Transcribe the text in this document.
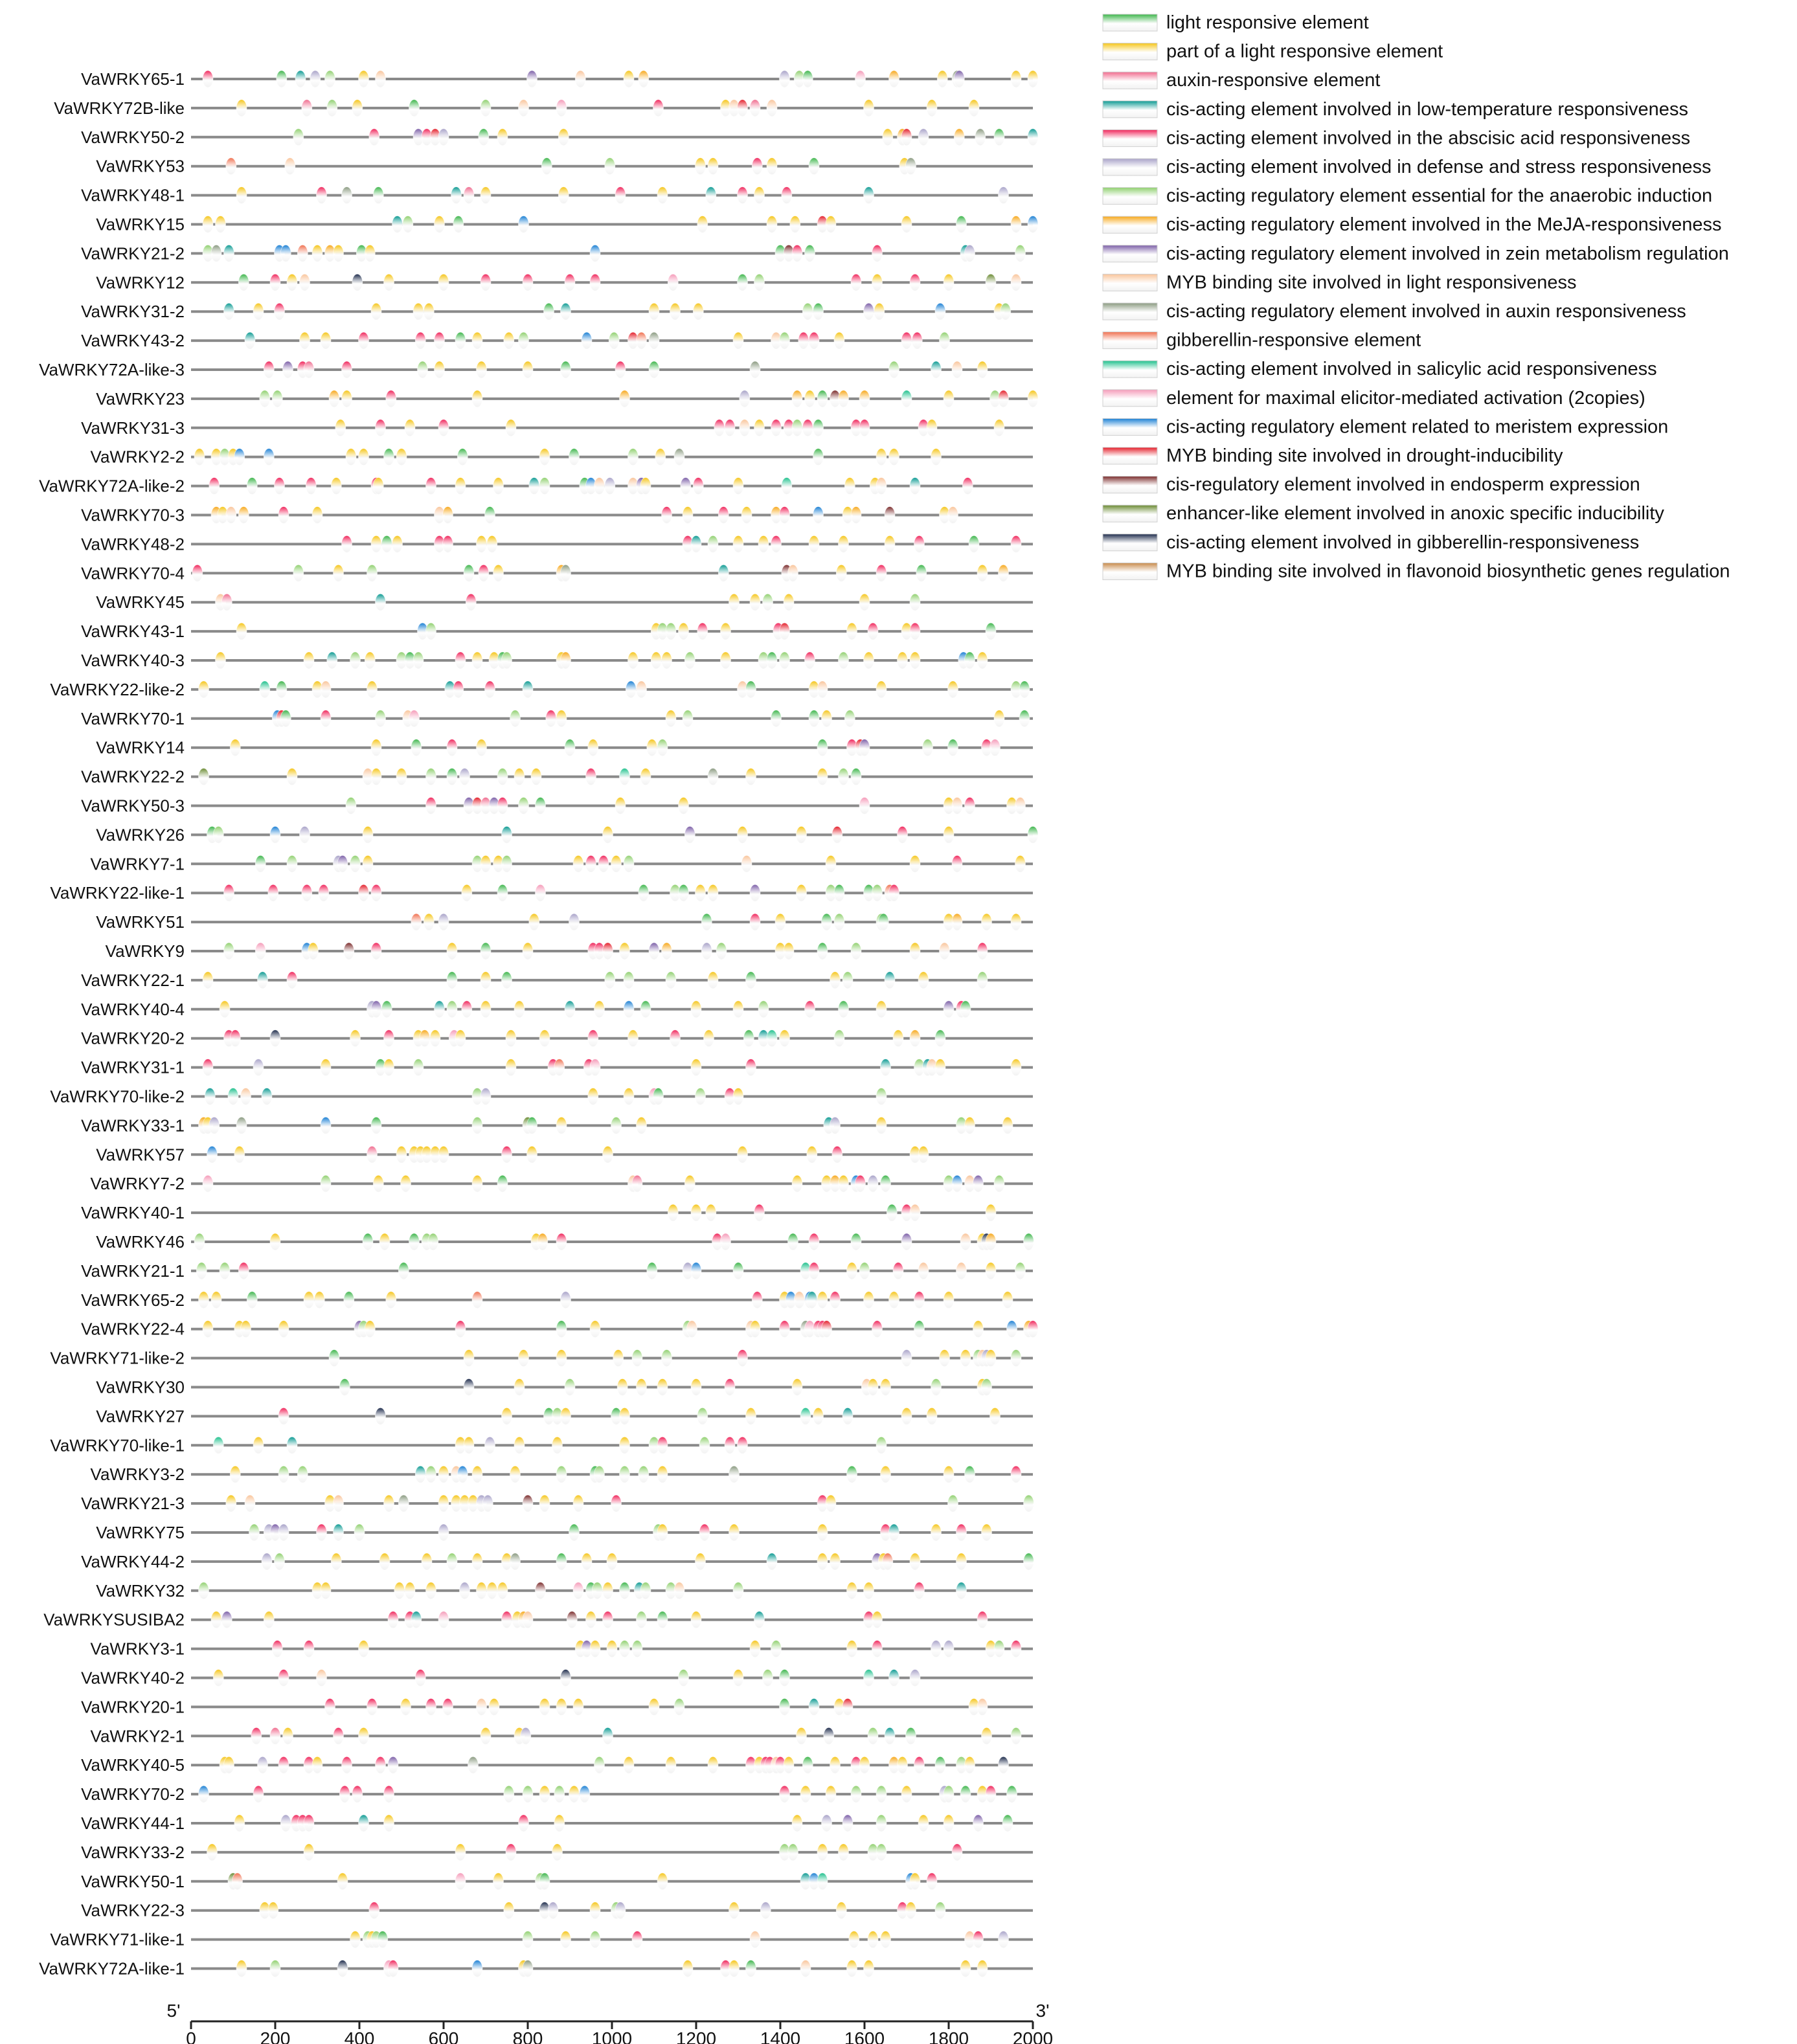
VaWRKY65-1
VaWRKY72B-like
VaWRKY50-2
VaWRKY53
VaWRKY48-1
VaWRKY15
VaWRKY21-2
VaWRKY12
VaWRKY31-2
VaWRKY43-2
VaWRKY72A-like-3
VaWRKY23
VaWRKY31-3
VaWRKY2-2
VaWRKY72A-like-2
VaWRKY70-3
VaWRKY48-2
VaWRKY70-4
VaWRKY45
VaWRKY43-1
VaWRKY40-3
VaWRKY22-like-2
VaWRKY70-1
VaWRKY14
VaWRKY22-2
VaWRKY50-3
VaWRKY26
VaWRKY7-1
VaWRKY22-like-1
VaWRKY51
VaWRKY9
VaWRKY22-1
VaWRKY40-4
VaWRKY20-2
VaWRKY31-1
VaWRKY70-like-2
VaWRKY33-1
VaWRKY57
VaWRKY7-2
VaWRKY40-1
VaWRKY46
VaWRKY21-1
VaWRKY65-2
VaWRKY22-4
VaWRKY71-like-2
VaWRKY30
VaWRKY27
VaWRKY70-like-1
VaWRKY3-2
VaWRKY21-3
VaWRKY75
VaWRKY44-2
VaWRKY32
VaWRKYSUSIBA2
VaWRKY3-1
VaWRKY40-2
VaWRKY20-1
VaWRKY2-1
VaWRKY40-5
VaWRKY70-2
VaWRKY44-1
VaWRKY33-2
VaWRKY50-1
VaWRKY22-3
VaWRKY71-like-1
VaWRKY72A-like-1
0	200	400	600	800	1000 1200 1400 1600 1800 2000
5'	3'
light responsive element
part of a light responsive element
auxin-responsive element
cis-acting element involved in low-temperature responsiveness
cis-acting element involved in the abscisic acid responsiveness
cis-acting element involved in defense and stress responsiveness
cis-acting regulatory element essential for the anaerobic induction
cis-acting regulatory element involved in the MeJA-responsiveness
cis-acting regulatory element involved in zein metabolism regulation
MYB binding site involved in light responsiveness
cis-acting regulatory element involved in auxin responsiveness
gibberellin-responsive element
cis-acting element involved in salicylic acid responsiveness
element for maximal elicitor-mediated activation (2copies)
cis-acting regulatory element related to meristem expression
MYB binding site involved in drought-inducibility
cis-regulatory element involved in endosperm expression
enhancer-like element involved in anoxic specific inducibility
cis-acting element involved in gibberellin-responsiveness
MYB binding site involved in flavonoid biosynthetic genes regulation
